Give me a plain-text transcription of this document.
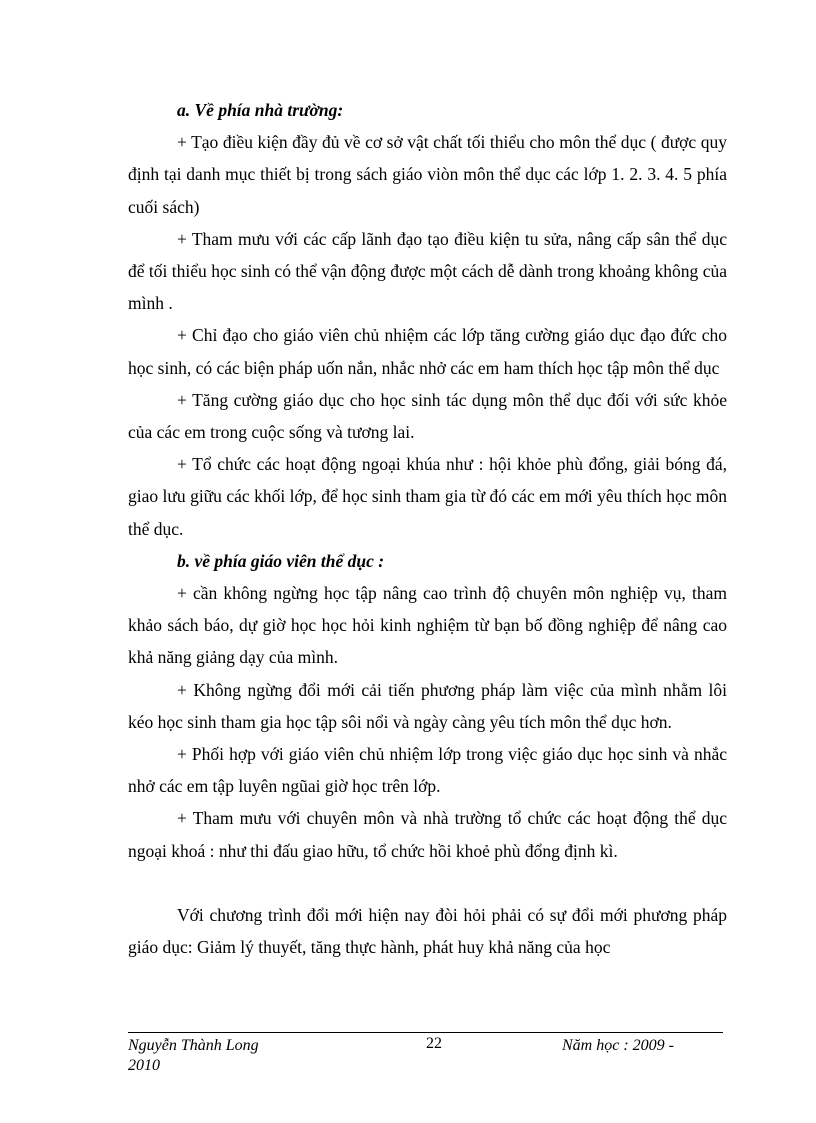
a. Về phía nhà trường:

+ Tạo điều kiện đầy đủ về cơ sở vật chất tối thiểu cho môn thể dục ( được quy định tại danh mục thiết bị trong sách giáo viòn môn thể dục các lớp 1. 2. 3. 4. 5 phía cuối sách)

+ Tham mưu với các cấp lãnh đạo tạo điều kiện tu sửa, nâng cấp sân thể dục để tối thiểu học sinh có thể vận động được một cách dễ dành trong khoảng không của mình .

+ Chỉ đạo cho giáo viên chủ nhiệm các lớp tăng cường giáo dục đạo đức cho học sinh, có các biện pháp uốn nắn, nhắc nhở các em ham thích học tập môn thể dục

+ Tăng cường giáo dục cho học sinh tác dụng môn thể dục đối với sức khỏe của các em trong cuộc sống và tương lai.

+ Tổ chức các hoạt động ngoại khúa như : hội khỏe phù đổng, giải bóng đá, giao lưu giữu các khối lớp, để học sinh tham gia từ đó các em mới yêu thích học môn thể dục.

b. về phía giáo viên thể dục :

+ cần không ngừng học tập nâng cao trình độ chuyên môn nghiệp vụ, tham khảo sách báo, dự giờ học học hỏi kinh nghiệm từ bạn bố đồng nghiệp để nâng cao khả năng giảng dạy của mình.

+ Không ngừng đổi mới cải tiến phương pháp làm việc của mình nhằm lôi kéo học sinh tham gia học tập sôi nổi và ngày càng yêu tích môn thể dục hơn.

+ Phối hợp với giáo viên chủ nhiệm lớp trong việc giáo dục học sinh và nhắc nhở các em tập luyên ngũai giờ học trên lớp.

+ Tham mưu với chuyên môn và nhà trường tổ chức các hoạt động thể dục ngoại khoá : như thi đấu giao hữu, tổ chức hồi khoẻ phù đổng định kì.

Với chương trình đổi mới hiện nay đòi hỏi phải có sự đổi mới phương pháp giáo dục: Giảm lý thuyết, tăng thực hành, phát huy khả năng của học

Nguyễn Thành Long	22	Năm học : 2009 -
2010
